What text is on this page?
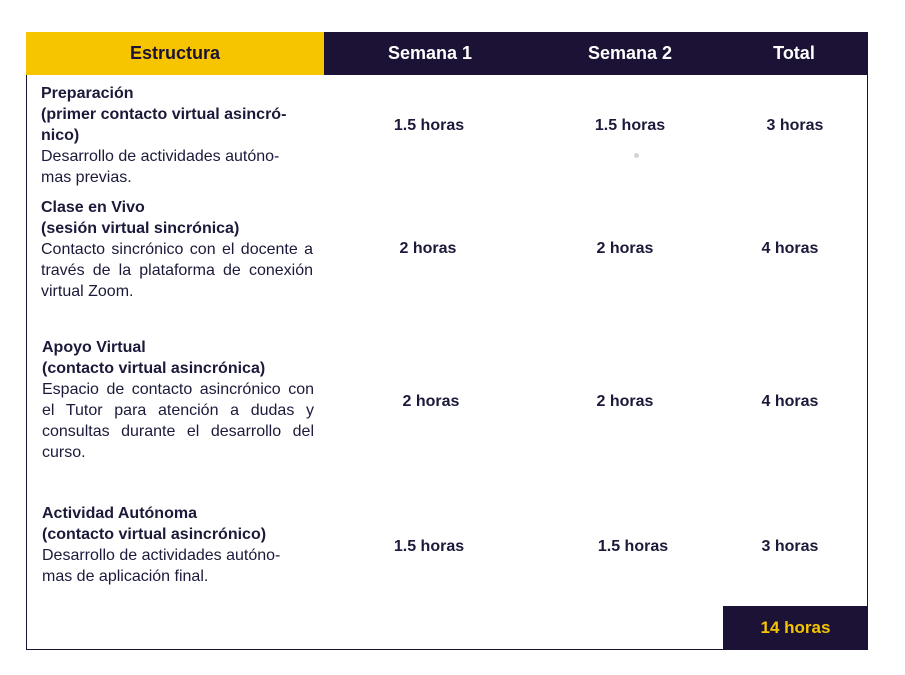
Estructura	Semana 1	Semana 2	Total
Preparación
(primer contacto virtual asincró-
nico)
Desarrollo de actividades autóno-
mas previas.
1.5 horas	1.5 horas	3 horas
Clase en Vivo
(sesión virtual sincrónica)
Contacto sincrónico con el docente a través de la plataforma de conexión virtual Zoom.
2 horas	2 horas	4 horas
Apoyo Virtual
(contacto virtual asincrónica)
Espacio de contacto asincrónico con el Tutor para atención a dudas y consultas durante el desarrollo del curso.
2 horas	2 horas	4 horas
Actividad Autónoma
(contacto virtual asincrónico)
Desarrollo de actividades autóno-
mas de aplicación final.
1.5 horas	1.5 horas	3 horas
14 horas
